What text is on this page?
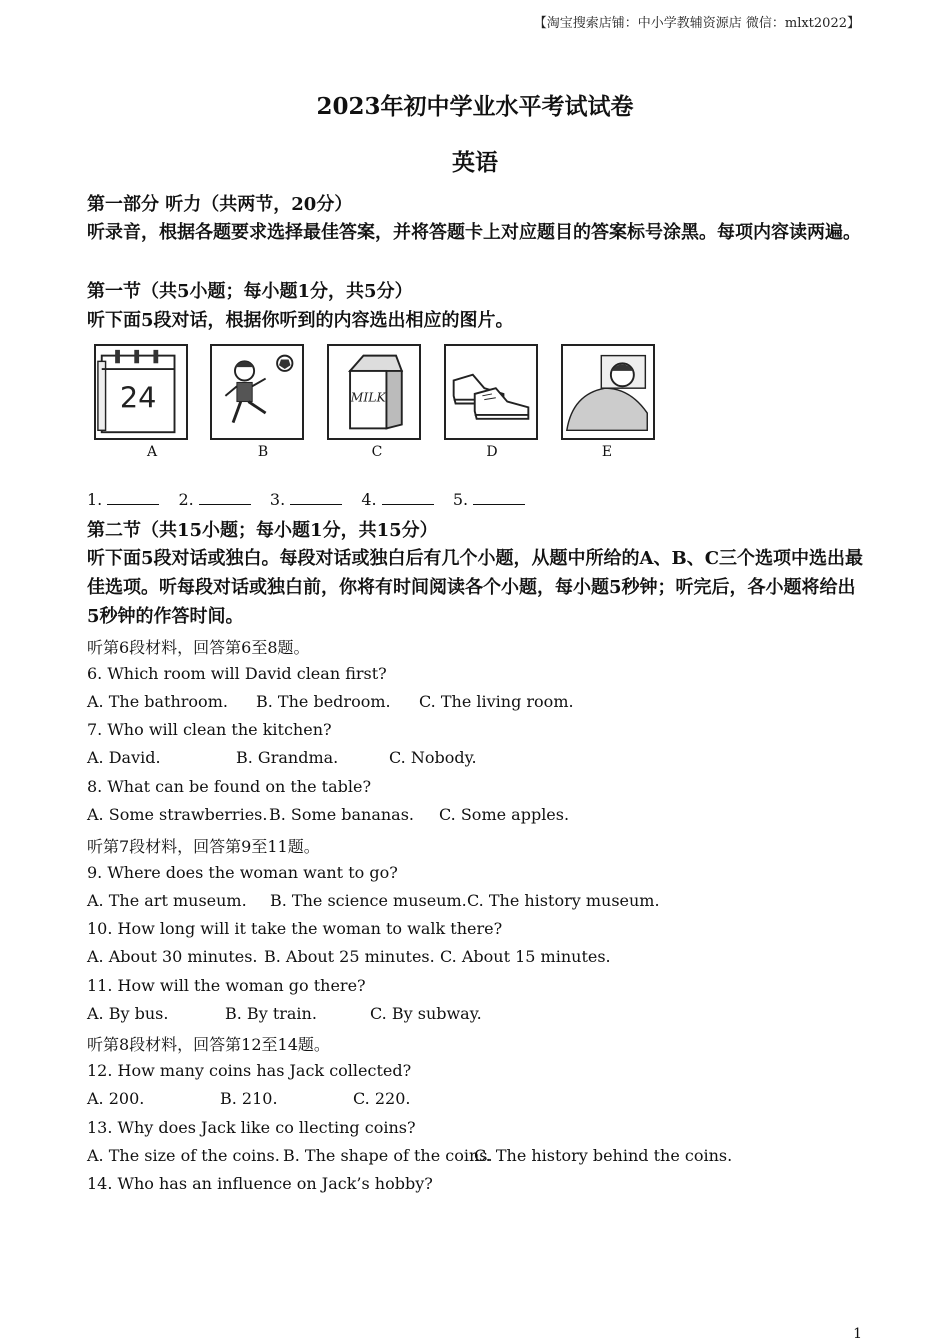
【淘宝搜索店铺：中小学教辅资源店 微信：mlxt2022】
2023年初中学业水平考试试卷
英语
第一部分 听力（共两节，20分）
听录音，根据各题要求选择最佳答案，并将答题卡上对应题目的答案标号涂黑。每项内容读两遍。
第一节（共5小题；每小题1分，共5分）
听下面5段对话，根据你听到的内容选出相应的图片。
24
A	B
MILK
C	D	E
1.	2.	3.	4.	5.
第二节（共15小题；每小题1分，共15分）
听下面5段对话或独白。每段对话或独白后有几个小题，从题中所给的A、B、C三个选项中选出最佳选项。听每段对话或独白前，你将有时间阅读各个小题，每小题5秒钟；听完后，各小题将给出5秒钟的作答时间。
听第6段材料，回答第6至8题。
6. Which room will David clean first?
A. The bathroom. B. The bedroom. C. The living room.
7. Who will clean the kitchen?
A. David.	B. Grandma.	C. Nobody.
8. What can be found on the table?
A. Some strawberries. B. Some bananas. C. Some apples.
听第7段材料，回答第9至11题。
9. Where does the woman want to go?
A. The art museum. B. The science museum. C. The history museum.
10. How long will it take the woman to walk there?
A. About 30 minutes. B. About 25 minutes. C. About 15 minutes.
11. How will the woman go there?
A. By bus.	B. By train.	C. By subway.
听第8段材料，回答第12至14题。
12. How many coins has Jack collected?
A. 200.	B. 210.	C. 220.
13. Why does Jack like co llecting coins?
A. The size of the coins. B. The shape of the coins.
C. The history behind the coins.
14. Who has an influence on Jack’s hobby?
1
